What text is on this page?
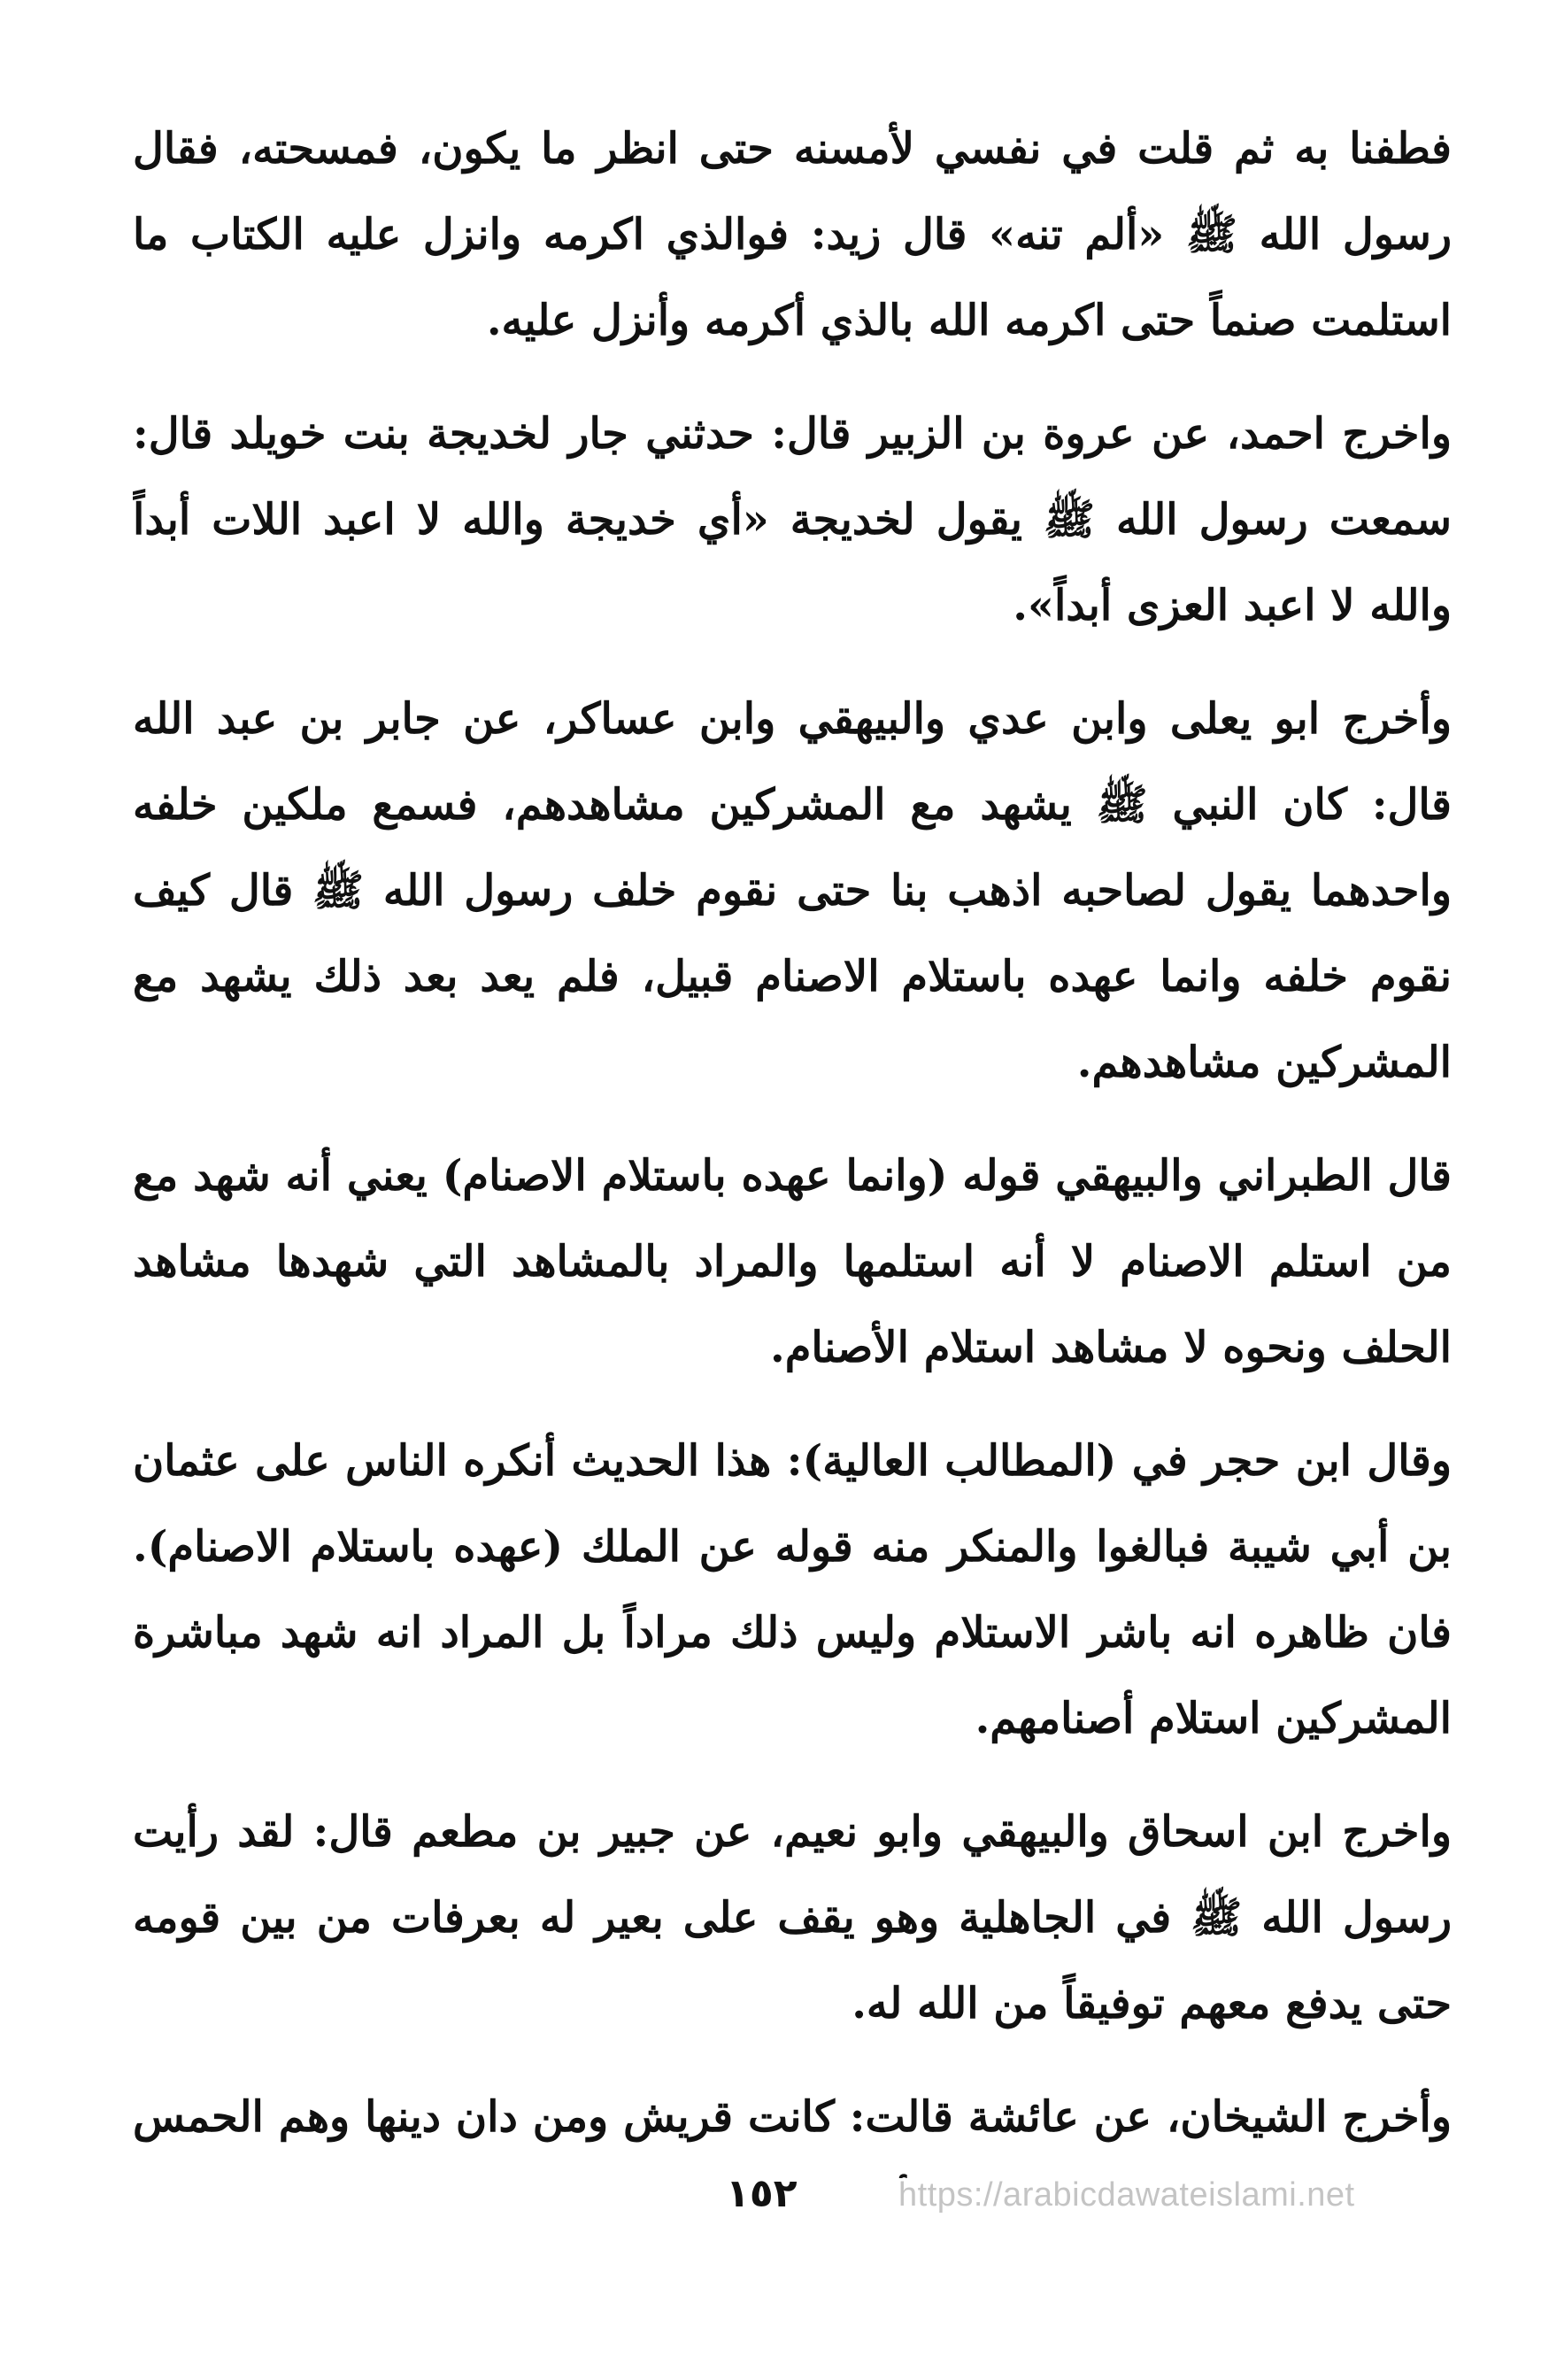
فطفنا به ثم قلت في نفسي لأمسنه حتى انظر ما يكون، فمسحته، فقال رسول الله ﷺ «ألم تنه» قال زيد: فوالذي اكرمه وانزل عليه الكتاب ما استلمت صنماً حتى اكرمه الله بالذي أكرمه وأنزل عليه.

واخرج احمد، عن عروة بن الزبير قال: حدثني جار لخديجة بنت خويلد قال: سمعت رسول الله ﷺ يقول لخديجة «أي خديجة والله لا اعبد اللات أبداً والله لا اعبد العزى أبداً».

وأخرج ابو يعلى وابن عدي والبيهقي وابن عساكر، عن جابر بن عبد الله قال: كان النبي ﷺ يشهد مع المشركين مشاهدهم، فسمع ملكين خلفه واحدهما يقول لصاحبه اذهب بنا حتى نقوم خلف رسول الله ﷺ قال كيف نقوم خلفه وانما عهده باستلام الاصنام قبيل، فلم يعد بعد ذلك يشهد مع المشركين مشاهدهم.

قال الطبراني والبيهقي قوله (وانما عهده باستلام الاصنام) يعني أنه شهد مع من استلم الاصنام لا أنه استلمها والمراد بالمشاهد التي شهدها مشاهد الحلف ونحوه لا مشاهد استلام الأصنام.

وقال ابن حجر في (المطالب العالية): هذا الحديث أنكره الناس على عثمان بن أبي شيبة فبالغوا والمنكر منه قوله عن الملك (عهده باستلام الاصنام). فان ظاهره انه باشر الاستلام وليس ذلك مراداً بل المراد انه شهد مباشرة المشركين استلام أصنامهم.

واخرج ابن اسحاق والبيهقي وابو نعيم، عن جبير بن مطعم قال: لقد رأيت رسول الله ﷺ في الجاهلية وهو يقف على بعير له بعرفات من بين قومه حتى يدفع معهم توفيقاً من الله له.

وأخرج الشيخان، عن عائشة قالت: كانت قريش ومن دان دينها وهم الحمس

١٥٢	https://arabicdawateislami.net
